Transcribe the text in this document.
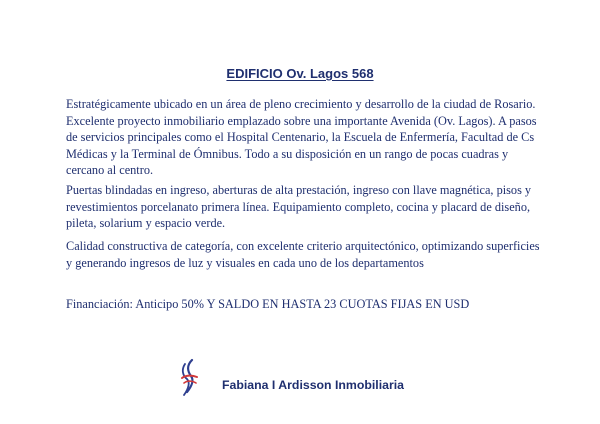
EDIFICIO Ov. Lagos 568

Estratégicamente ubicado en un área de pleno crecimiento y desarrollo de la ciudad de Rosario. Excelente proyecto inmobiliario emplazado sobre una importante Avenida (Ov. Lagos). A pasos de servicios principales como el Hospital Centenario, la Escuela de Enfermería, Facultad de Cs Médicas y la Terminal de Ómnibus. Todo a su disposición en un rango de pocas cuadras y cercano al centro.

Puertas blindadas en ingreso, aberturas de alta prestación, ingreso con llave magnética, pisos y revestimientos porcelanato primera línea. Equipamiento completo, cocina y placard de diseño, pileta, solarium y espacio verde.

Calidad constructiva de categoría, con excelente criterio arquitectónico, optimizando superficies y generando ingresos de luz y visuales en cada uno de los departamentos

Financiación: Anticipo 50% Y SALDO EN HASTA 23 CUOTAS FIJAS EN USD

Fabiana I Ardisson Inmobiliaria
